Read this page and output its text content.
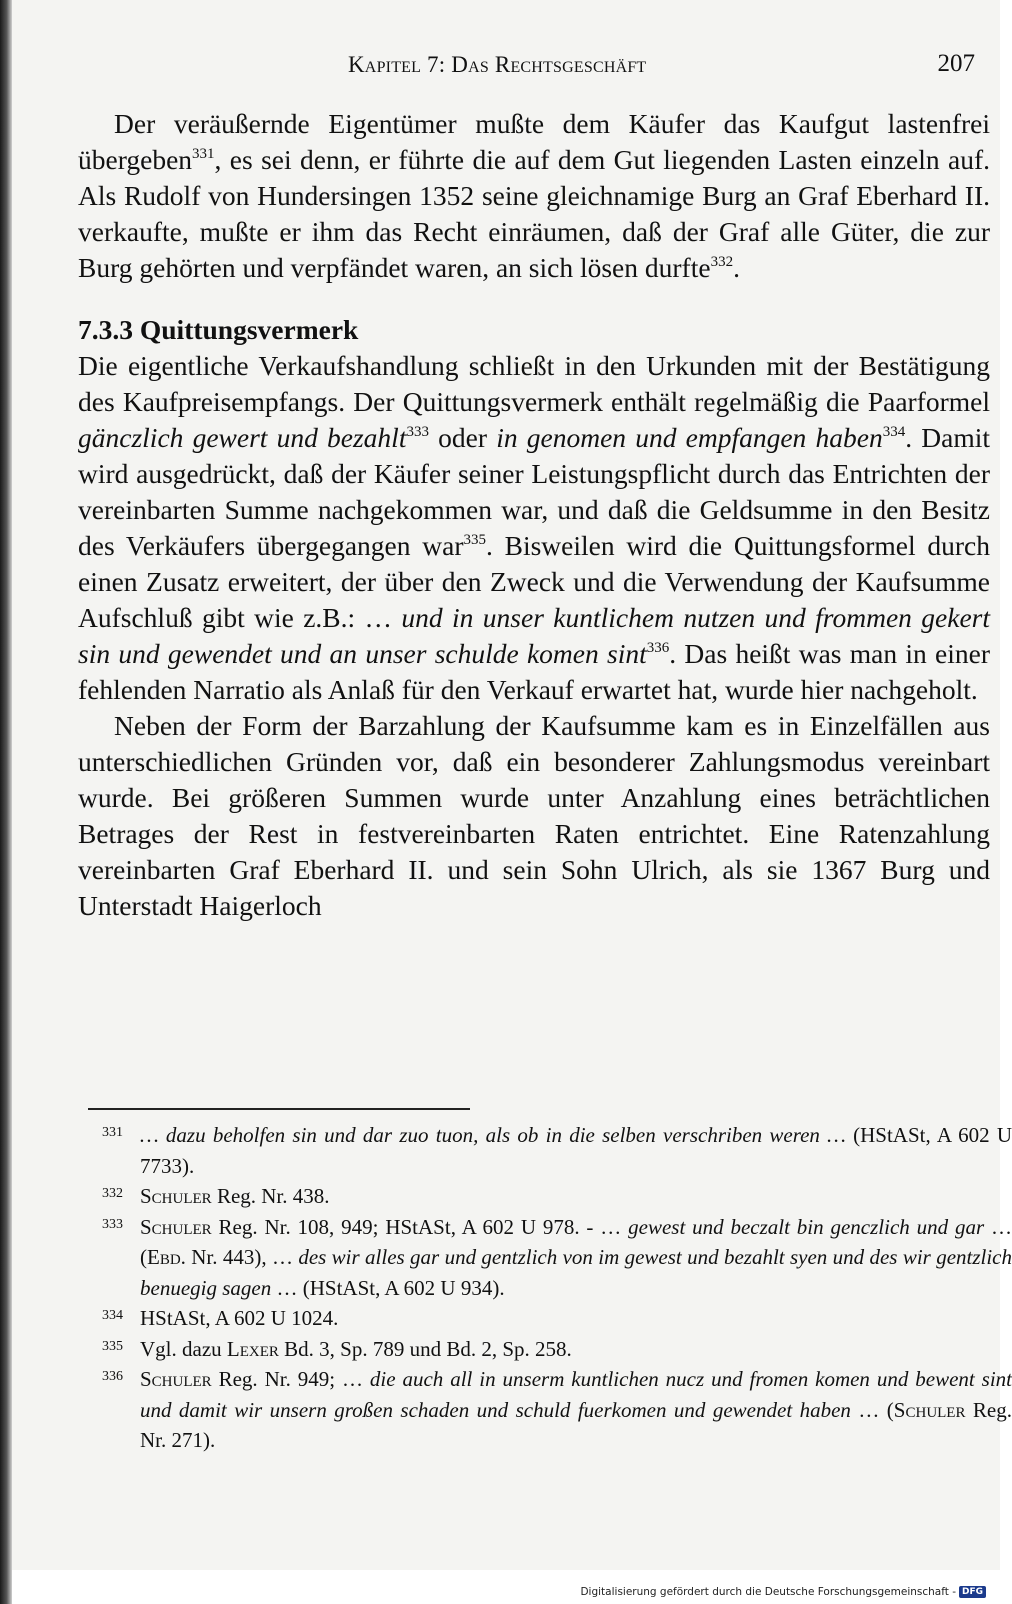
Kapitel 7: Das Rechtsgeschäft	207

Der veräußernde Eigentümer mußte dem Käufer das Kaufgut lastenfrei übergeben$^{331}$, es sei denn, er führte die auf dem Gut liegenden Lasten einzeln auf. Als Rudolf von Hundersingen 1352 seine gleichnamige Burg an Graf Eberhard II. verkaufte, mußte er ihm das Recht einräumen, daß der Graf alle Güter, die zur Burg gehörten und verpfändet waren, an sich lösen durfte$^{332}$.

7.3.3 Quittungsvermerk

Die eigentliche Verkaufshandlung schließt in den Urkunden mit der Bestätigung des Kaufpreisempfangs. Der Quittungsvermerk enthält regelmäßig die Paarformel gänczlich gewert und bezahlt$^{333}$ oder in genomen und empfangen haben$^{334}$. Damit wird ausgedrückt, daß der Käufer seiner Leistungspflicht durch das Entrichten der vereinbarten Summe nachgekommen war, und daß die Geldsumme in den Besitz des Verkäufers übergegangen war$^{335}$. Bisweilen wird die Quittungsformel durch einen Zusatz erweitert, der über den Zweck und die Verwendung der Kaufsumme Aufschluß gibt wie z.B.: … und in unser kuntlichem nutzen und frommen gekert sin und gewendet und an unser schulde komen sint$^{336}$. Das heißt was man in einer fehlenden Narratio als Anlaß für den Verkauf erwartet hat, wurde hier nachgeholt.

Neben der Form der Barzahlung der Kaufsumme kam es in Einzelfällen aus unterschiedlichen Gründen vor, daß ein besonderer Zahlungsmodus vereinbart wurde. Bei größeren Summen wurde unter Anzahlung eines beträchtlichen Betrages der Rest in festvereinbarten Raten entrichtet. Eine Ratenzahlung vereinbarten Graf Eberhard II. und sein Sohn Ulrich, als sie 1367 Burg und Unterstadt Haigerloch

331 … dazu beholfen sin und dar zuo tuon, als ob in die selben verschriben weren … (HStASt, A 602 U 7733).

332 Schuler Reg. Nr. 438.

333 Schuler Reg. Nr. 108, 949; HStASt, A 602 U 978. - … gewest und beczalt bin genczlich und gar … (Ebd. Nr. 443), … des wir alles gar und gentzlich von im gewest und bezahlt syen und des wir gentzlich benuegig sagen … (HStASt, A 602 U 934).

334 HStASt, A 602 U 1024.

335 Vgl. dazu Lexer Bd. 3, Sp. 789 und Bd. 2, Sp. 258.

336 Schuler Reg. Nr. 949; … die auch all in unserm kuntlichen nucz und fromen komen und bewent sint und damit wir unsern großen schaden und schuld fuerkomen und gewendet haben … (Schuler Reg. Nr. 271).

Digitalisierung gefördert durch die Deutsche Forschungsgemeinschaft - DFG
